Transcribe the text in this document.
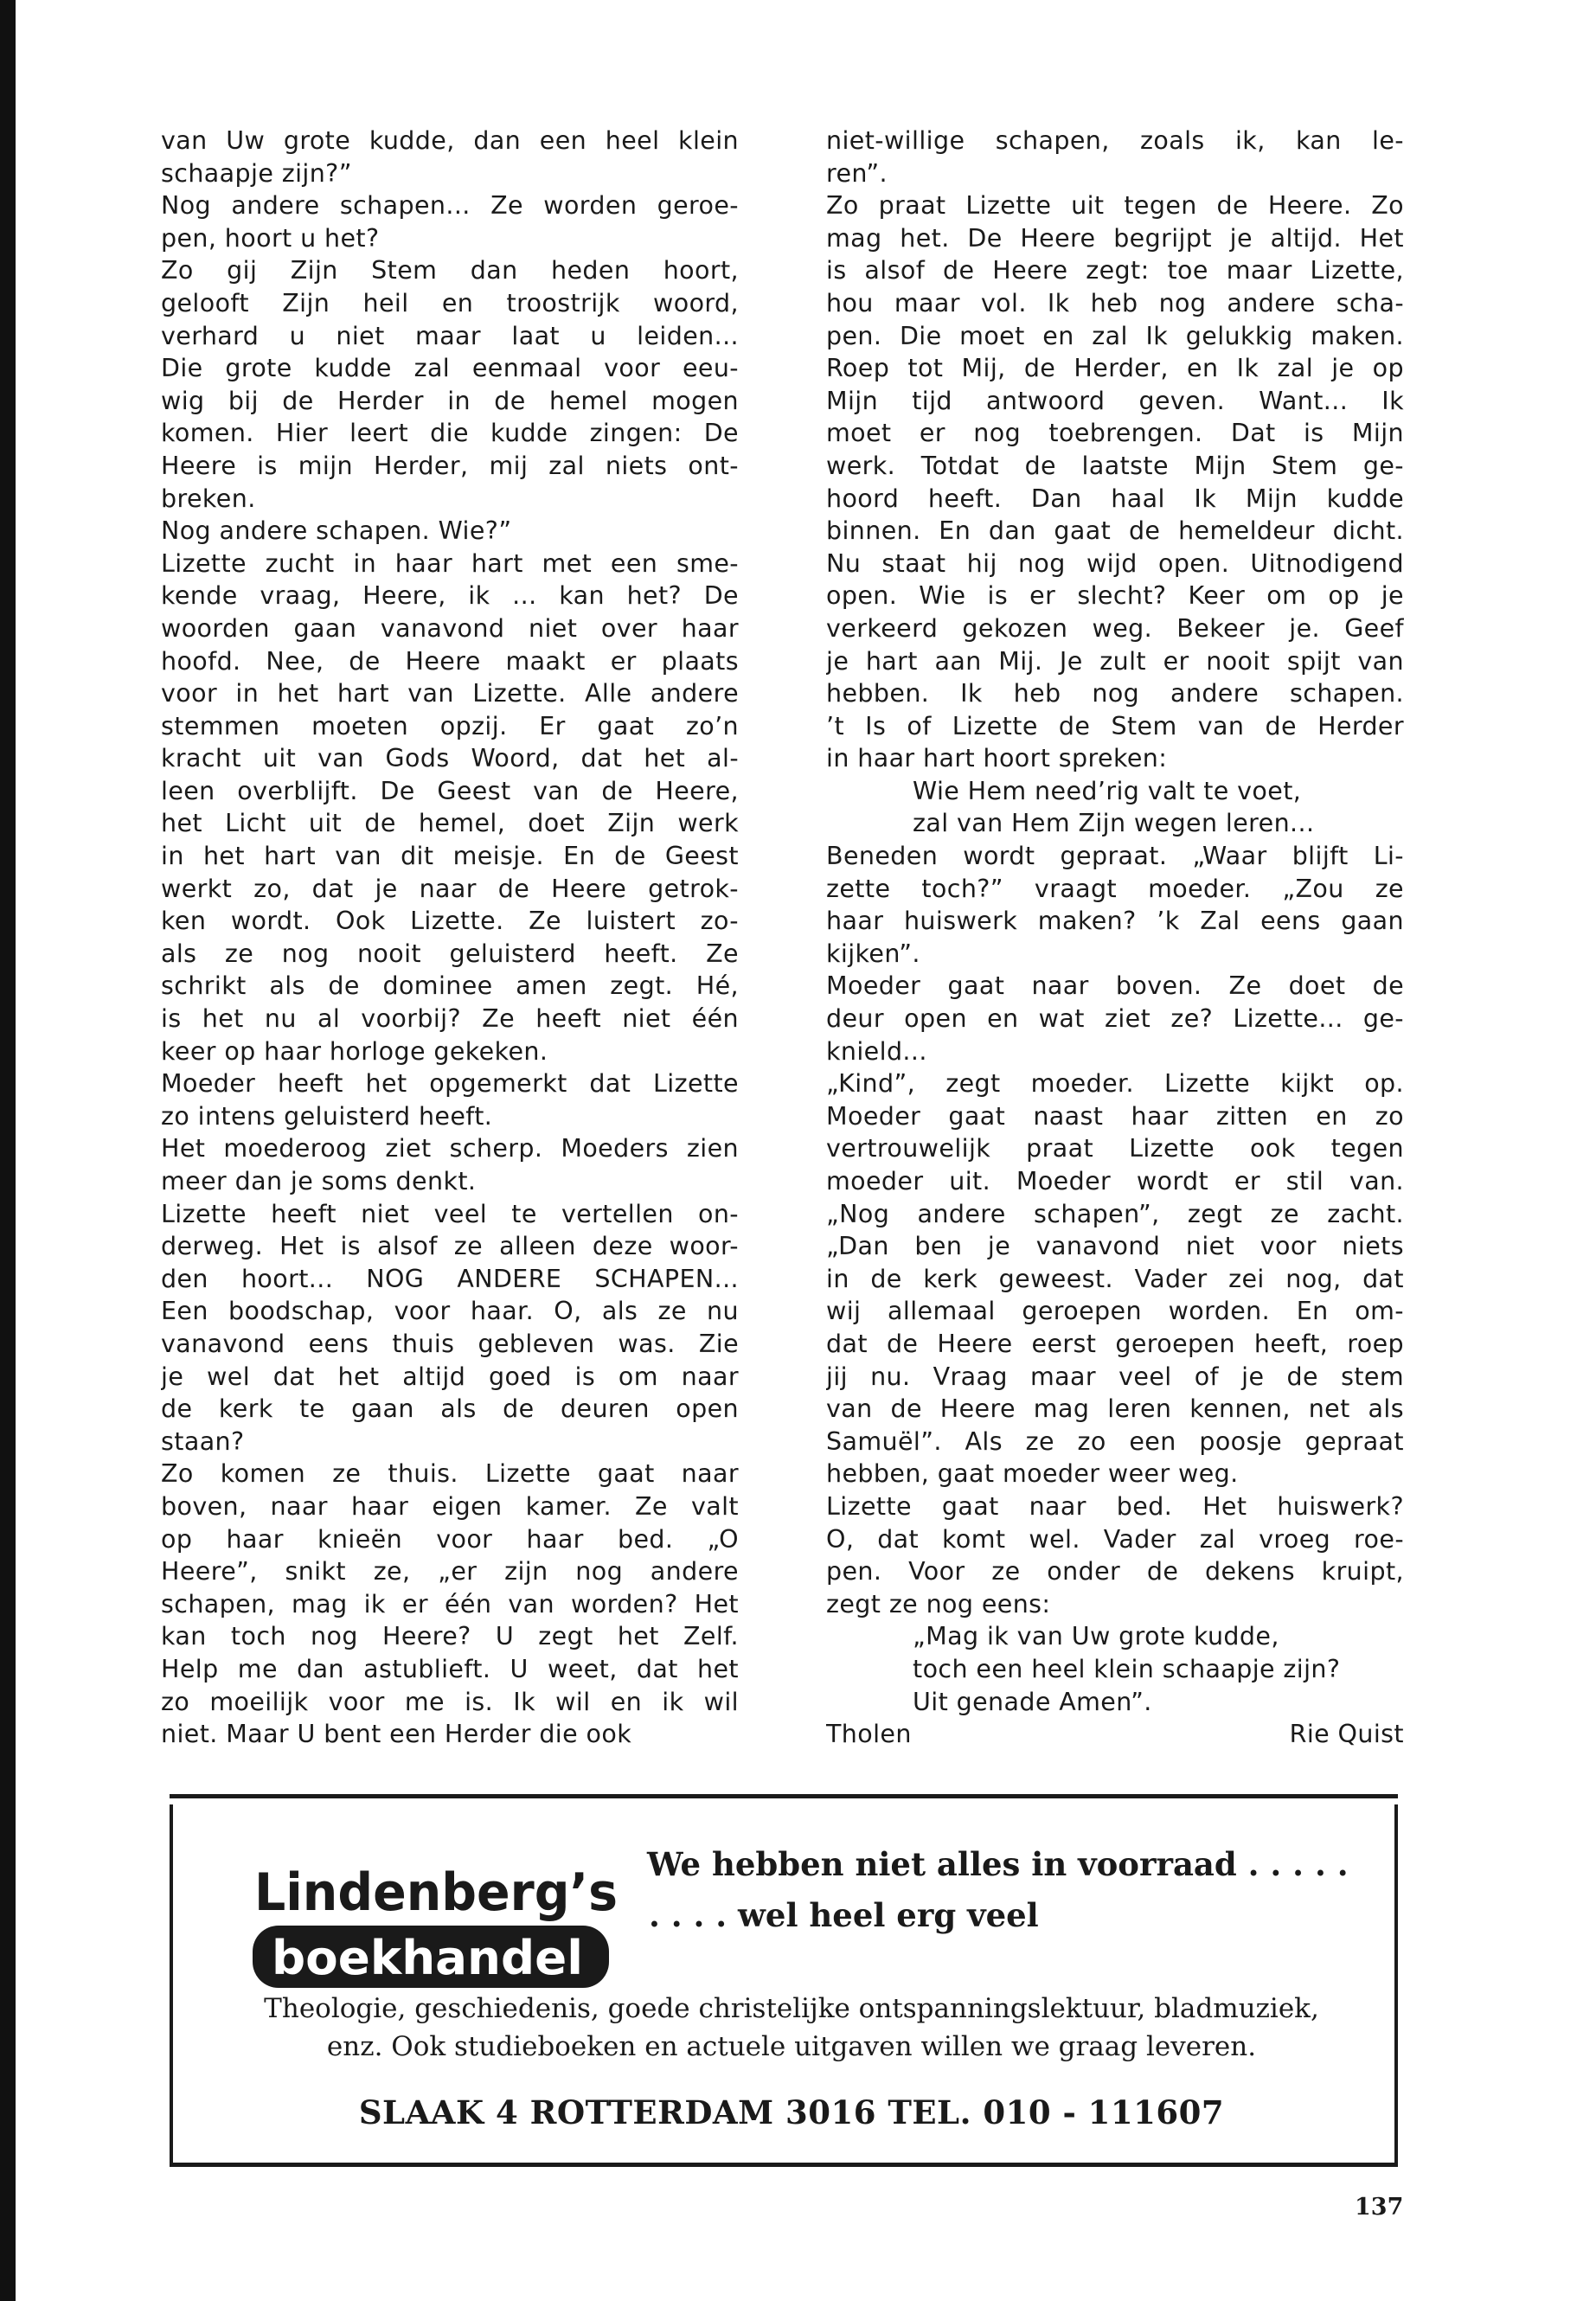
van Uw grote kudde, dan een heel klein
schaapje zijn?”
Nog andere schapen... Ze worden geroe-
pen, hoort u het?
Zo gij Zijn Stem dan heden hoort,
gelooft Zijn heil en troostrijk woord,
verhard u niet maar laat u leiden...
Die grote kudde zal eenmaal voor eeu-
wig bij de Herder in de hemel mogen
komen. Hier leert die kudde zingen: De
Heere is mijn Herder, mij zal niets ont-
breken.
Nog andere schapen. Wie?”
Lizette zucht in haar hart met een sme-
kende vraag, Heere, ik ... kan het? De
woorden gaan vanavond niet over haar
hoofd. Nee, de Heere maakt er plaats
voor in het hart van Lizette. Alle andere
stemmen moeten opzij. Er gaat zo’n
kracht uit van Gods Woord, dat het al-
leen overblijft. De Geest van de Heere,
het Licht uit de hemel, doet Zijn werk
in het hart van dit meisje. En de Geest
werkt zo, dat je naar de Heere getrok-
ken wordt. Ook Lizette. Ze luistert zo-
als ze nog nooit geluisterd heeft. Ze
schrikt als de dominee amen zegt. Hé,
is het nu al voorbij? Ze heeft niet één
keer op haar horloge gekeken.
Moeder heeft het opgemerkt dat Lizette
zo intens geluisterd heeft.
Het moederoog ziet scherp. Moeders zien
meer dan je soms denkt.
Lizette heeft niet veel te vertellen on-
derweg. Het is alsof ze alleen deze woor-
den hoort... NOG ANDERE SCHAPEN...
Een boodschap, voor haar. O, als ze nu
vanavond eens thuis gebleven was. Zie
je wel dat het altijd goed is om naar
de kerk te gaan als de deuren open
staan?
Zo komen ze thuis. Lizette gaat naar
boven, naar haar eigen kamer. Ze valt
op haar knieën voor haar bed. „O
Heere”, snikt ze, „er zijn nog andere
schapen, mag ik er één van worden? Het
kan toch nog Heere? U zegt het Zelf.
Help me dan astublieft. U weet, dat het
zo moeilijk voor me is. Ik wil en ik wil
niet. Maar U bent een Herder die ook
niet-willige schapen, zoals ik, kan le-
ren”.
Zo praat Lizette uit tegen de Heere. Zo
mag het. De Heere begrijpt je altijd. Het
is alsof de Heere zegt: toe maar Lizette,
hou maar vol. Ik heb nog andere scha-
pen. Die moet en zal Ik gelukkig maken.
Roep tot Mij, de Herder, en Ik zal je op
Mijn tijd antwoord geven. Want... Ik
moet er nog toebrengen. Dat is Mijn
werk. Totdat de laatste Mijn Stem ge-
hoord heeft. Dan haal Ik Mijn kudde
binnen. En dan gaat de hemeldeur dicht.
Nu staat hij nog wijd open. Uitnodigend
open. Wie is er slecht? Keer om op je
verkeerd gekozen weg. Bekeer je. Geef
je hart aan Mij. Je zult er nooit spijt van
hebben. Ik heb nog andere schapen.
’t Is of Lizette de Stem van de Herder
in haar hart hoort spreken:
Wie Hem need’rig valt te voet,
zal van Hem Zijn wegen leren...
Beneden wordt gepraat. „Waar blijft Li-
zette toch?” vraagt moeder. „Zou ze
haar huiswerk maken? ’k Zal eens gaan
kijken”.
Moeder gaat naar boven. Ze doet de
deur open en wat ziet ze? Lizette... ge-
knield...
„Kind”, zegt moeder. Lizette kijkt op.
Moeder gaat naast haar zitten en zo
vertrouwelijk praat Lizette ook tegen
moeder uit. Moeder wordt er stil van.
„Nog andere schapen”, zegt ze zacht.
„Dan ben je vanavond niet voor niets
in de kerk geweest. Vader zei nog, dat
wij allemaal geroepen worden. En om-
dat de Heere eerst geroepen heeft, roep
jij nu. Vraag maar veel of je de stem
van de Heere mag leren kennen, net als
Samuël”. Als ze zo een poosje gepraat
hebben, gaat moeder weer weg.
Lizette gaat naar bed. Het huiswerk?
O, dat komt wel. Vader zal vroeg roe-
pen. Voor ze onder de dekens kruipt,
zegt ze nog eens:
„Mag ik van Uw grote kudde,
toch een heel klein schaapje zijn?
Uit genade Amen”.
Tholen	Rie Quist
Lindenberg’s
boekhandel
We hebben niet alles in voorraad . . . . .
. . . . wel heel erg veel
Theologie, geschiedenis, goede christelijke ontspanningslektuur, bladmuziek,
enz. Ook studieboeken en actuele uitgaven willen we graag leveren.
SLAAK 4 ROTTERDAM 3016 TEL. 010 - 111607
137
